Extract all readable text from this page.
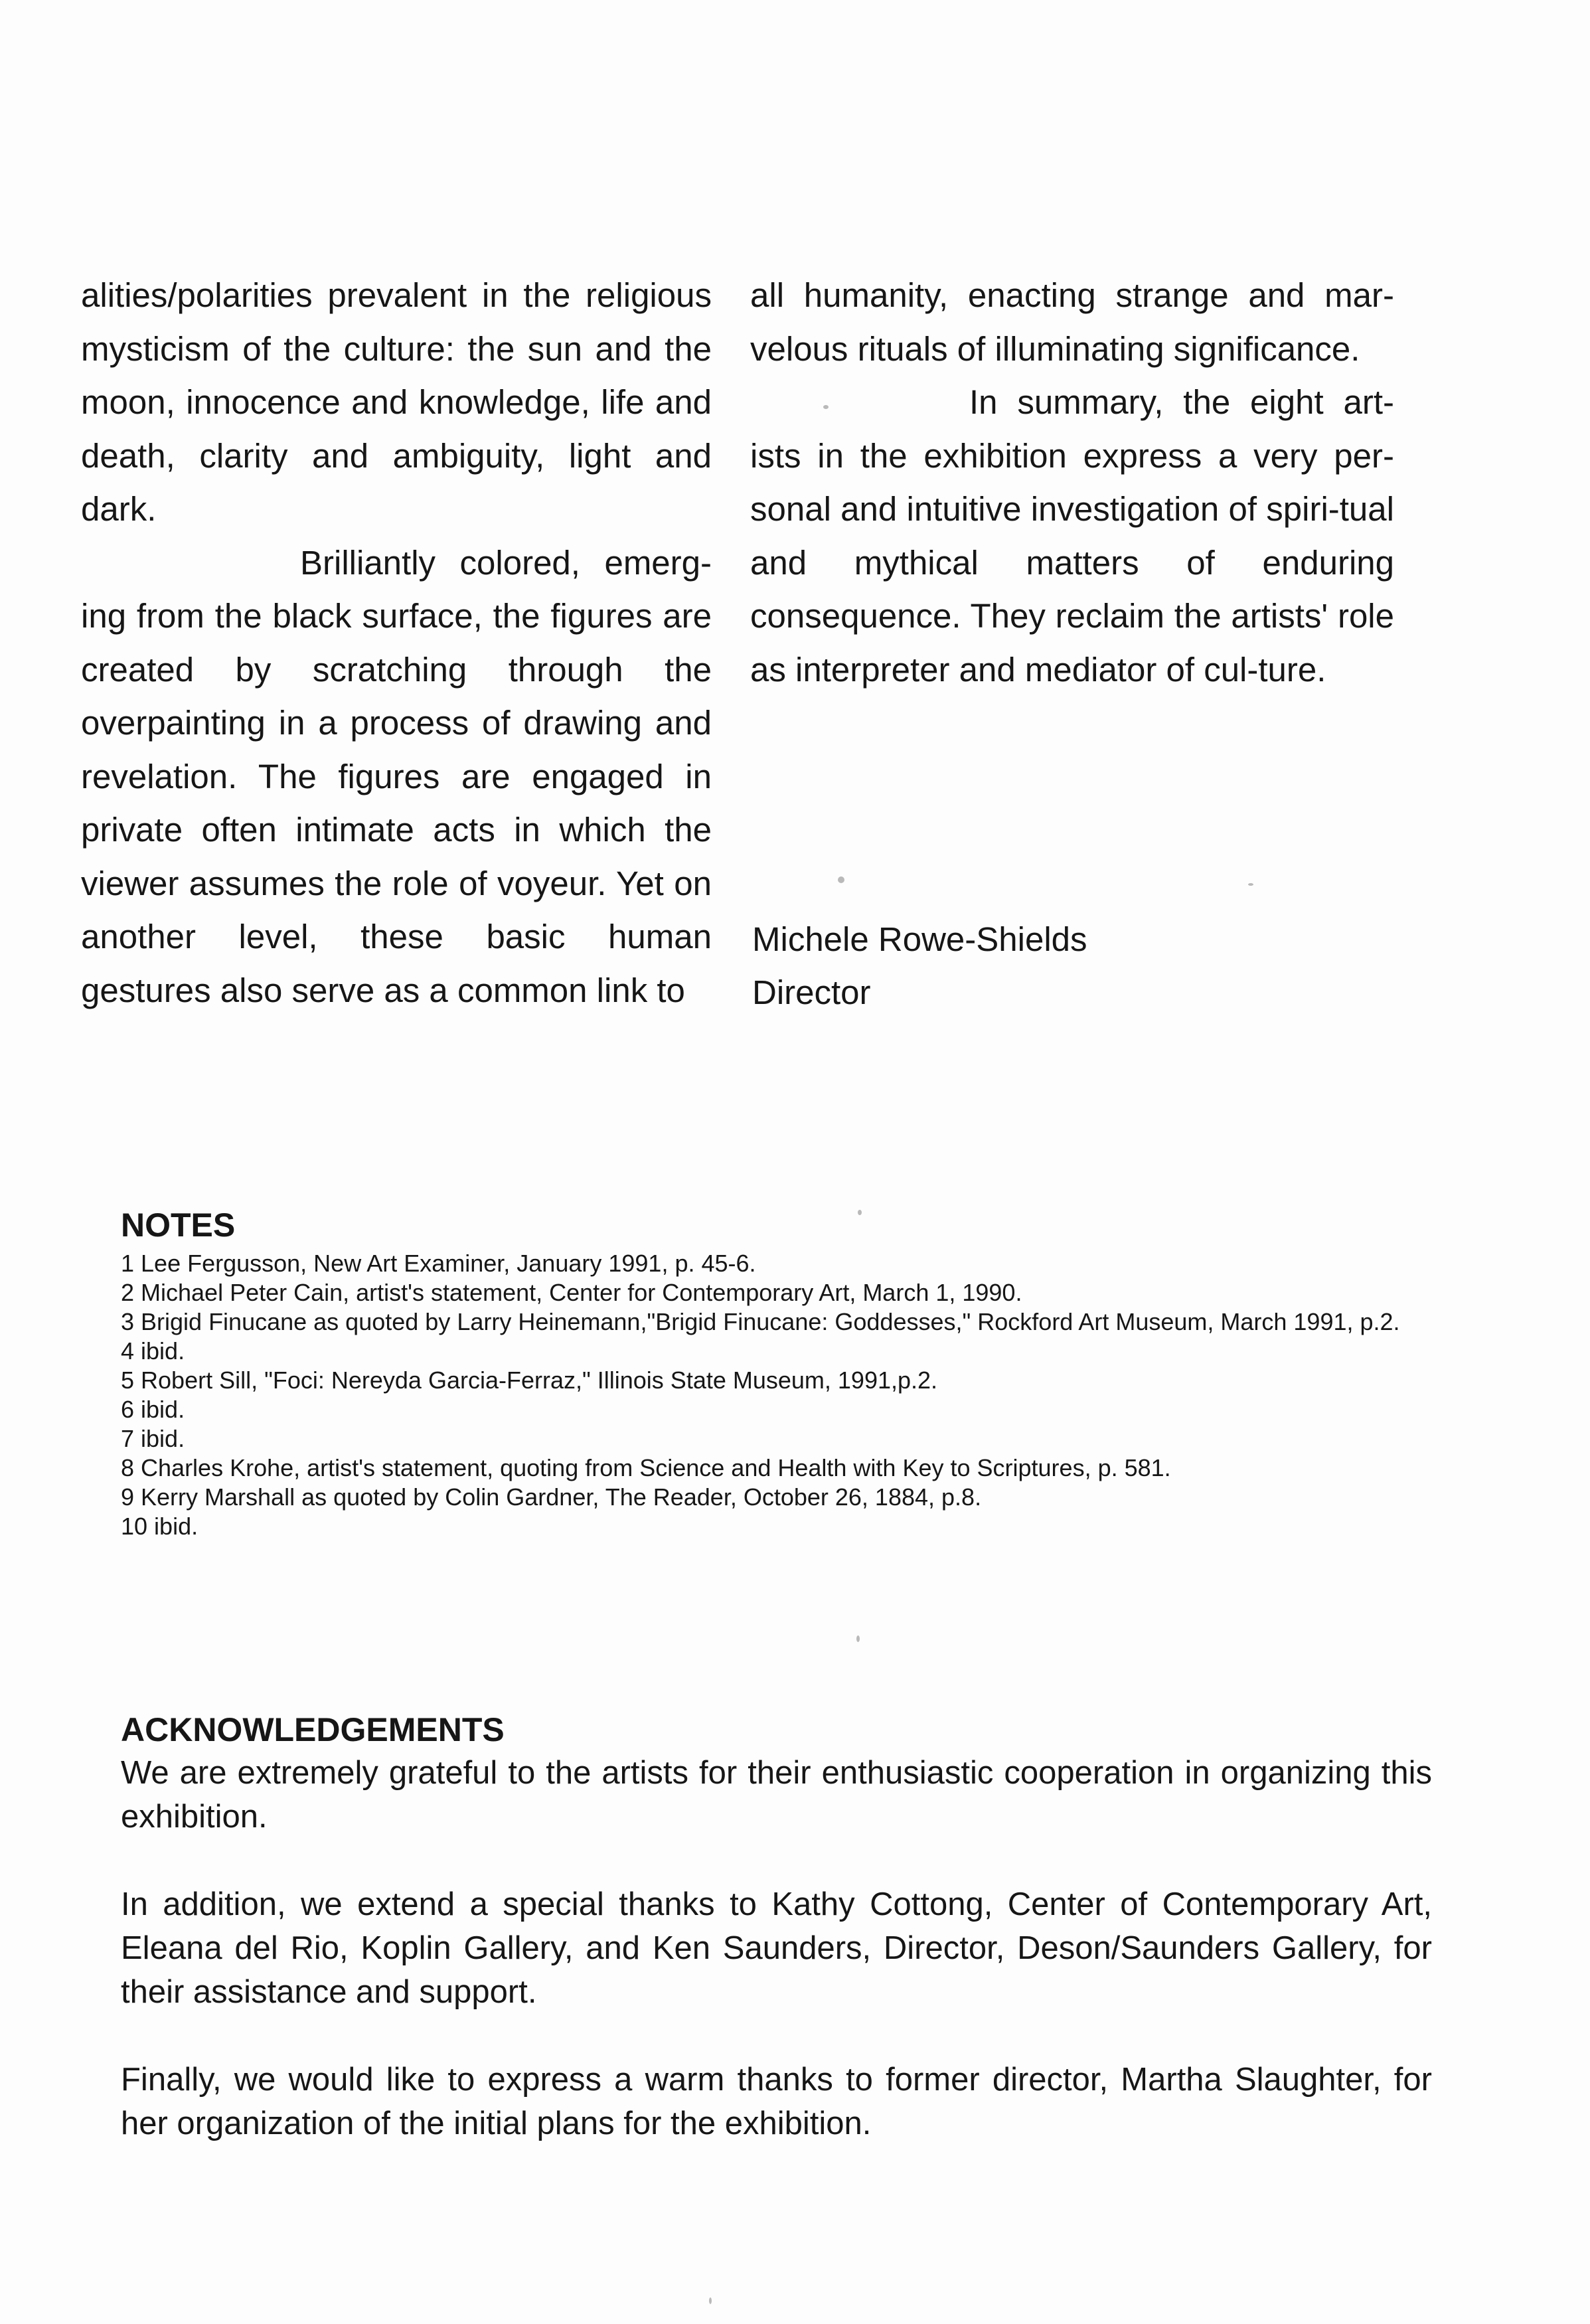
alities/polarities prevalent in the religious mysticism of the culture: the sun and the moon, innocence and knowledge, life and death, clarity and ambiguity, light and dark.

Brilliantly colored, emerg-ing from the black surface, the figures are created by scratching through the overpainting in a process of drawing and revelation. The figures are engaged in private often intimate acts in which the viewer assumes the role of voyeur. Yet on another level, these basic human gestures also serve as a common link to

all humanity, enacting strange and mar-velous rituals of illuminating significance.

In summary, the eight art-ists in the exhibition express a very per-sonal and intuitive investigation of spiri-tual and mythical matters of enduring consequence. They reclaim the artists' role as interpreter and mediator of cul-ture.

Michele Rowe-Shields
Director
NOTES
1 Lee Fergusson, New Art Examiner, January 1991, p. 45-6.
2 Michael Peter Cain, artist's statement, Center for Contemporary Art, March 1, 1990.
3 Brigid Finucane as quoted by Larry Heinemann,"Brigid Finucane: Goddesses," Rockford Art Museum, March 1991, p.2.
4 ibid.
5 Robert Sill, "Foci: Nereyda Garcia-Ferraz," Illinois State Museum, 1991,p.2.
6 ibid.
7 ibid.
8 Charles Krohe, artist's statement, quoting from Science and Health with Key to Scriptures, p. 581.
9 Kerry Marshall as quoted by Colin Gardner, The Reader, October 26, 1884, p.8.
10 ibid.
ACKNOWLEDGEMENTS

We are extremely grateful to the artists for their enthusiastic cooperation in organizing this exhibition.

In addition, we extend a special thanks to Kathy Cottong, Center of Contemporary Art, Eleana del Rio, Koplin Gallery, and Ken Saunders, Director, Deson/Saunders Gallery, for their assistance and support.

Finally, we would like to express a warm thanks to former director, Martha Slaughter, for her organization of the initial plans for the exhibition.
